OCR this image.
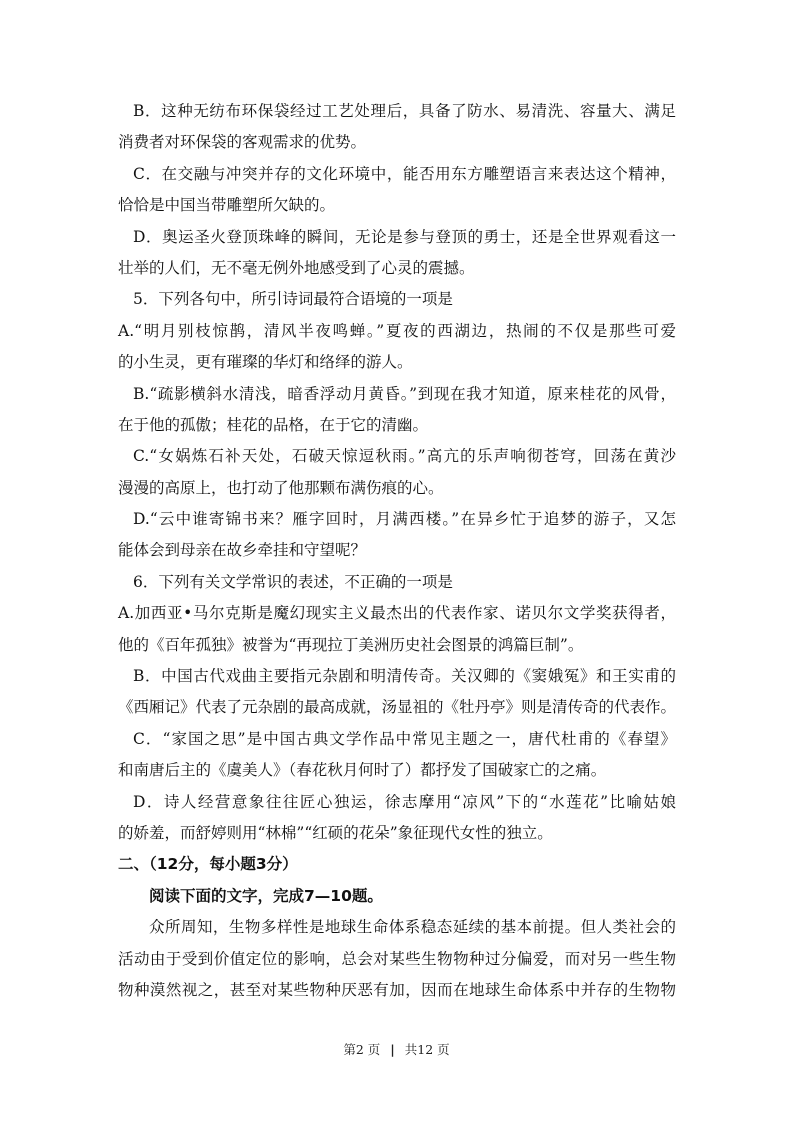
B．这种无纺布环保袋经过工艺处理后，具备了防水、易清洗、容量大、满足
消费者对环保袋的客观需求的优势。
C．在交融与冲突并存的文化环境中，能否用东方雕塑语言来表达这个精神，
恰恰是中国当带雕塑所欠缺的。
D．奥运圣火登顶珠峰的瞬间，无论是参与登顶的勇士，还是全世界观看这一
壮举的人们，无不毫无例外地感受到了心灵的震撼。
5．下列各句中，所引诗词最符合语境的一项是
A.“明月别枝惊鹊，清风半夜鸣蝉。”夏夜的西湖边，热闹的不仅是那些可爱
的小生灵，更有璀璨的华灯和络绎的游人。
B.“疏影横斜水清浅，暗香浮动月黄昏。”到现在我才知道，原来桂花的风骨，
在于他的孤傲；桂花的品格，在于它的清幽。
C.“女娲炼石补天处，石破天惊逗秋雨。”高亢的乐声响彻苍穹，回荡在黄沙
漫漫的高原上，也打动了他那颗布满伤痕的心。
D.“云中谁寄锦书来？雁字回时，月满西楼。”在异乡忙于追梦的游子，又怎
能体会到母亲在故乡牵挂和守望呢？
6．下列有关文学常识的表述，不正确的一项是
A.加西亚•马尔克斯是魔幻现实主义最杰出的代表作家、诺贝尔文学奖获得者，
他的《百年孤独》被誉为“再现拉丁美洲历史社会图景的鸿篇巨制”。
B．中国古代戏曲主要指元杂剧和明清传奇。关汉卿的《窦娥冤》和王实甫的
《西厢记》代表了元杂剧的最高成就，汤显祖的《牡丹亭》则是清传奇的代表作。
C．“家国之思”是中国古典文学作品中常见主题之一，唐代杜甫的《春望》
和南唐后主的《虞美人》（春花秋月何时了）都抒发了国破家亡的之痛。
D．诗人经营意象往往匠心独运，徐志摩用“凉风”下的“水莲花”比喻姑娘
的娇羞，而舒婷则用“林棉”“红硕的花朵”象征现代女性的独立。
二、（12分，每小题3分）
阅读下面的文字，完成7—10题。
众所周知，生物多样性是地球生命体系稳态延续的基本前提。但人类社会的
活动由于受到价值定位的影响，总会对某些生物物种过分偏爱，而对另一些生物
物种漠然视之，甚至对某些物种厌恶有加，因而在地球生命体系中并存的生物物
第2 页 | 共12 页
